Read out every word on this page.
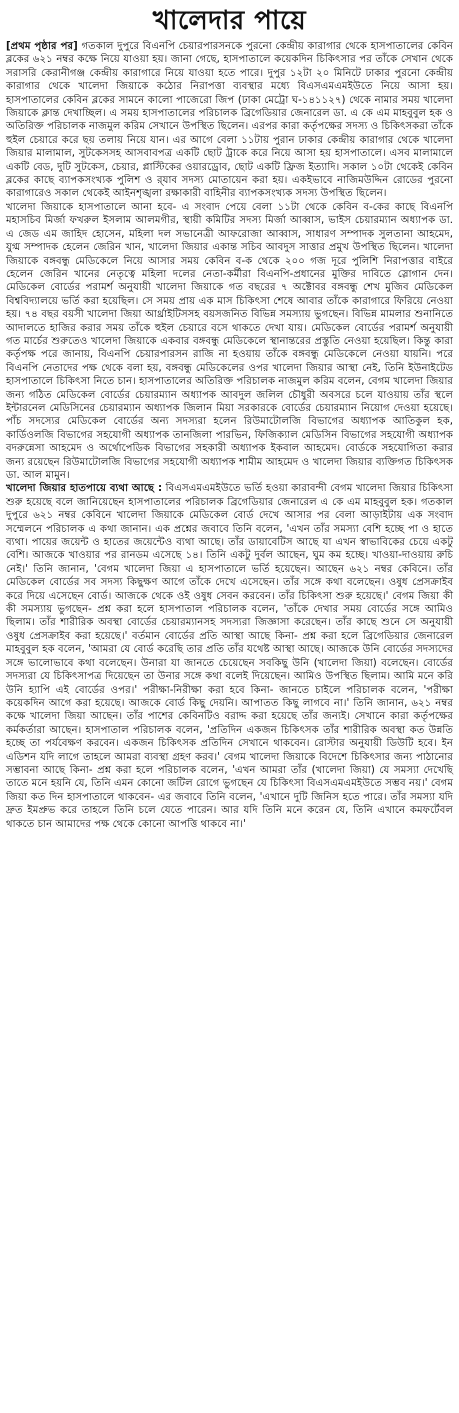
খালেদার পায়ে

[প্রথম পৃষ্ঠার পর] গতকাল দুপুরে বিএনপি চেয়ারপারসনকে পুরনো কেন্দ্রীয় কারাগার থেকে হাসপাতালের কেবিন ব্লকের ৬২১ নম্বর কক্ষে নিয়ে যাওয়া হয়। জানা গেছে, হাসপাতালে কয়েকদিন চিকিৎসার পর তাঁকে সেখান থেকে সরাসরি কেরানীগঞ্জ কেন্দ্রীয় কারাগারে নিয়ে যাওয়া হতে পারে। দুপুর ১২টা ২০ মিনিটে ঢাকার পুরনো কেন্দ্রীয় কারাগার থেকে খালেদা জিয়াকে কঠোর নিরাপত্তা ব্যবস্থার মধ্যে বিএসএমএমইউতে নিয়ে আসা হয়। হাসপাতালের কেবিন ব্লকের সামনে কালো পাজেরো জিপ (ঢাকা মেট্রো ঘ-১৪১১২৭) থেকে নামার সময় খালেদা জিয়াকে ক্লান্ত দেখাচ্ছিল। এ সময় হাসপাতালের পরিচালক ব্রিগেডিয়ার জেনারেল ডা. এ কে এম মাহবুবুল হক ও অতিরিক্ত পরিচালক নাজমুল করিম সেখানে উপস্থিত ছিলেন। এরপর কারা কর্তৃপক্ষের সদস্য ও চিকিৎসকরা তাঁকে হুইল চেয়ারে করে ছয় তলায় নিয়ে যান। এর আগে বেলা ১১টায় পুরান ঢাকার কেন্দ্রীয় কারাগার থেকে খালেদা জিয়ার মালামাল, সুটকেসসহ আসবাবপত্র একটি ছোট ট্রাকে করে নিয়ে আসা হয় হাসপাতালে। এসব মালামালে একটি বেড, দুটি সুটকেস, চেয়ার, প্লাস্টিকের ওয়ারড্রোব, ছোট একটি ফ্রিজ ইত্যাদি। সকাল ১০টা থেকেই কেবিন ব্লকের কাছে ব্যাপকসংখ্যক পুলিশ ও র্‌যাব সদস্য মোতায়েন করা হয়। একইভাবে নাজিমউদ্দিন রোডের পুরনো কারাগারেও সকাল থেকেই আইনশৃঙ্খলা রক্ষাকারী বাহিনীর ব্যাপকসংখ্যক সদস্য উপস্থিত ছিলেন।

খালেদা জিয়াকে হাসপাতালে আনা হবে- এ সংবাদ পেয়ে বেলা ১১টা থেকে কেবিন ব-কের কাছে বিএনপি মহাসচিব মির্জা ফখরুল ইসলাম আলমগীর, স্থায়ী কমিটির সদস্য মির্জা আব্বাস, ভাইস চেয়ারম্যান অধ্যাপক ডা. এ জেড এম জাহিদ হোসেন, মহিলা দল সভানেত্রী আফরোজা আব্বাস, সাধারণ সম্পাদক সুলতানা আহমেদ, যুগ্ম সম্পাদক হেলেন জেরিন খান, খালেদা জিয়ার একান্ত সচিব আবদুস সাত্তার প্রমুখ উপস্থিত ছিলেন। খালেদা জিয়াকে বঙ্গবন্ধু মেডিকেলে নিয়ে আসার সময় কেবিন ব-ক থেকে ২০০ গজ দূরে পুলিশি নিরাপত্তার বাইরে হেলেন জেরিন খানের নেতৃত্বে মহিলা দলের নেতা-কর্মীরা বিএনপি-প্রধানের মুক্তির দাবিতে স্লোগান দেন। মেডিকেল বোর্ডের পরামর্শ অনুযায়ী খালেদা জিয়াকে গত বছরের ৭ অক্টোবর বঙ্গবন্ধু শেখ মুজিব মেডিকেল বিশ্ববিদ্যালয়ে ভর্তি করা হয়েছিল। সে সময় প্রায় এক মাস চিকিৎসা শেষে আবার তাঁকে কারাগারে ফিরিয়ে নেওয়া হয়। ৭৪ বছর বয়সী খালেদা জিয়া আর্থ্রাইটিসসহ বয়সজনিত বিভিন্ন সমস্যায় ভুগছেন। বিভিন্ন মামলার শুনানিতে আদালতে হাজির করার সময় তাঁকে হুইল চেয়ারে বসে থাকতে দেখা যায়। মেডিকেল বোর্ডের পরামর্শ অনুযায়ী গত মার্চের শুরুতেও খালেদা জিয়াকে একবার বঙ্গবন্ধু মেডিকেলে স্থানান্তরের প্রস্তুতি নেওয়া হয়েছিল। কিন্তু কারা কর্তৃপক্ষ পরে জানায়, বিএনপি চেয়ারপারসন রাজি না হওয়ায় তাঁকে বঙ্গবন্ধু মেডিকেলে নেওয়া যায়নি। পরে বিএনপি নেতাদের পক্ষ থেকে বলা হয়, বঙ্গবন্ধু মেডিকেলের ওপর খালেদা জিয়ার আস্থা নেই, তিনি ইউনাইটেড হাসপাতালে চিকিৎসা নিতে চান। হাসপাতালের অতিরিক্ত পরিচালক নাজমুল করিম বলেন, বেগম খালেদা জিয়ার জন্য গঠিত মেডিকেল বোর্ডের চেয়ারম্যান অধ্যাপক আবদুল জলিল চৌধুরী অবসরে চলে যাওয়ায় তাঁর স্থলে ইন্টারনেল মেডিসিনের চেয়ারম্যান অধ্যাপক জিলান মিয়া সরকারকে বোর্ডের চেয়ারম্যান নিয়োগ দেওয়া হয়েছে। পাঁচ সদস্যের মেডিকেল বোর্ডের অন্য সদস্যরা হলেন রিউমাটোলজি বিভাগের অধ্যাপক আতিকুল হক, কার্ডিওলজি বিভাগের সহযোগী অধ্যাপক তানজিলা পারভিন, ফিজিক্যাল মেডিসিন বিভাগের সহযোগী অধ্যাপক বদরুন্নেসা আহমেদ ও অর্থোপেডিক বিভাগের সহকারী অধ্যাপক ইকবাল আহমেদ। বোর্ডকে সহযোগিতা করার জন্য রয়েছেন রিউমাটোলজি বিভাগের সহযোগী অধ্যাপক শামীম আহমেদ ও খালেদা জিয়ার ব্যক্তিগত চিকিৎসক ডা. আল মামুন।

খালেদা জিয়ার হাতপায়ে ব্যথা আছে : বিএসএমএমইউতে ভর্তি হওয়া কারাবন্দী বেগম খালেদা জিয়ার চিকিৎসা শুরু হয়েছে বলে জানিয়েছেন হাসপাতালের পরিচালক ব্রিগেডিয়ার জেনারেল এ কে এম মাহবুবুল হক। গতকাল দুপুরে ৬২১ নম্বর কেবিনে খালেদা জিয়াকে মেডিকেল বোর্ড দেখে আসার পর বেলা আড়াইটায় এক সংবাদ সম্মেলনে পরিচালক এ কথা জানান। এক প্রশ্নের জবাবে তিনি বলেন, 'এখন তাঁর সমস্যা বেশি হচ্ছে পা ও হাতে ব্যথা। পায়ের জয়েন্ট ও হাতের জয়েন্টেও ব্যথা আছে। তাঁর ডায়াবেটিস আছে যা এখন স্বাভাবিকের চেয়ে একটু বেশি। আজকে খাওয়ার পর রানডম এসেছে ১৪। তিনি একটু দুর্বল আছেন, ঘুম কম হচ্ছে। খাওয়া-দাওয়ায় রুচি নেই।' তিনি জানান, 'বেগম খালেদা জিয়া এ হাসপাতালে ভর্তি হয়েছেন। আছেন ৬২১ নম্বর কেবিনে। তাঁর মেডিকেল বোর্ডের সব সদস্য কিছুক্ষণ আগে তাঁকে দেখে এসেছেন। তাঁর সঙ্গে কথা বলেছেন। ওষুধ প্রেসক্রাইব করে দিয়ে এসেছেন বোর্ড। আজকে থেকে ওই ওষুধ সেবন করবেন। তাঁর চিকিৎসা শুরু হয়েছে।' বেগম জিয়া কী কী সমস্যায় ভুগছেন- প্রশ্ন করা হলে হাসপাতাল পরিচালক বলেন, 'তাঁকে দেখার সময় বোর্ডের সঙ্গে আমিও ছিলাম। তাঁর শারীরিক অবস্থা বোর্ডের চেয়ারম্যানসহ সদস্যরা জিজ্ঞাসা করেছেন। তাঁর কাছে শুনে সে অনুযায়ী ওষুধ প্রেসক্রাইব করা হয়েছে।' বর্তমান বোর্ডের প্রতি আস্থা আছে কিনা- প্রশ্ন করা হলে ব্রিগেডিয়ার জেনারেল মাহবুবুল হক বলেন, 'আমরা যে বোর্ড করেছি তার প্রতি তাঁর যথেষ্ট আস্থা আছে। আজকে উনি বোর্ডের সদস্যদের সঙ্গে ভালোভাবে কথা বলেছেন। উনারা যা জানতে চেয়েছেন সবকিছু উনি (খালেদা জিয়া) বলেছেন। বোর্ডের সদস্যরা যে চিকিৎসাপত্র দিয়েছেন তা উনার সঙ্গে কথা বলেই দিয়েছেন। আমিও উপস্থিত ছিলাম। আমি মনে করি উনি হ্যাপি এই বোর্ডের ওপর।' পরীক্ষা-নিরীক্ষা করা হবে কিনা- জানতে চাইলে পরিচালক বলেন, 'পরীক্ষা কয়েকদিন আগে করা হয়েছে। আজকে বোর্ড কিছু দেয়নি। আপাতত কিছু লাগবে না।' তিনি জানান, ৬২১ নম্বর কক্ষে খালেদা জিয়া আছেন। তাঁর পাশের কেবিনটিও বরাদ্দ করা হয়েছে তাঁর জন্যই। সেখানে কারা কর্তৃপক্ষের কর্মকর্তারা আছেন। হাসপাতাল পরিচালক বলেন, 'প্রতিদিন একজন চিকিৎসক তাঁর শারীরিক অবস্থা কত উন্নতি হচ্ছে তা পর্যবেক্ষণ করবেন। একজন চিকিৎসক প্রতিদিন সেখানে থাকবেন। রোস্টার অনুযায়ী ডিউটি হবে। ইন এডিশন যদি লাগে তাহলে আমরা ব্যবস্থা গ্রহণ করব।' বেগম খালেদা জিয়াকে বিদেশে চিকিৎসার জন্য পাঠানোর সম্ভাবনা আছে কিনা- প্রশ্ন করা হলে পরিচালক বলেন, 'এখন আমরা তাঁর (খালেদা জিয়া) যে সমস্যা দেখেছি তাতে মনে হয়নি যে, তিনি এমন কোনো জটিল রোগে ভুগছেন যে চিকিৎসা বিএসএমএমইউতে সম্ভব নয়।' বেগম জিয়া কত দিন হাসপাতালে থাকবেন- এর জবাবে তিনি বলেন, 'এখানে দুটি জিনিস হতে পারে। তাঁর সমস্যা যদি দ্রুত ইমপ্রুভ করে তাহলে তিনি চলে যেতে পারেন। আর যদি তিনি মনে করেন যে, তিনি এখানে কমফর্টেবল থাকতে চান আমাদের পক্ষ থেকে কোনো আপত্তি থাকবে না।'
